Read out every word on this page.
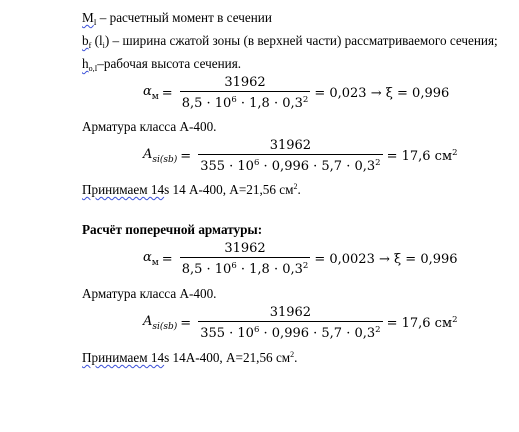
$M_I$ – расчетный момент в сечении
$b_f$ $(l_i)$ – ширина сжатой зоны (в верхней части) рассматриваемого сечения;
$h_{o,I}$–рабочая высота сечения.
$\alpha_м = \frac{31962}{8,5 \cdot 10^6 \cdot 1,8 \cdot 0,3^2} = 0,023 \to \xi = 0,996$
Арматура класса А-400.
$A_{si(sb)} = \frac{31962}{355 \cdot 10^6 \cdot 0,996 \cdot 5,7 \cdot 0,3^2} = 17,6$ $см^2$
Принимаем 14s 14 А-400, А=21,56 $см^2$.
Расчёт поперечной арматуры:
$\alpha_м = \frac{31962}{8,5 \cdot 10^6 \cdot 1,8 \cdot 0,3^2} = 0,0023 \to \xi = 0,996$
Арматура класса А-400.
$A_{si(sb)} = \frac{31962}{355 \cdot 10^6 \cdot 0,996 \cdot 5,7 \cdot 0,3^2} = 17,6$ $см^2$
Принимаем 14s 14А-400, А=21,56 $см^2$.
